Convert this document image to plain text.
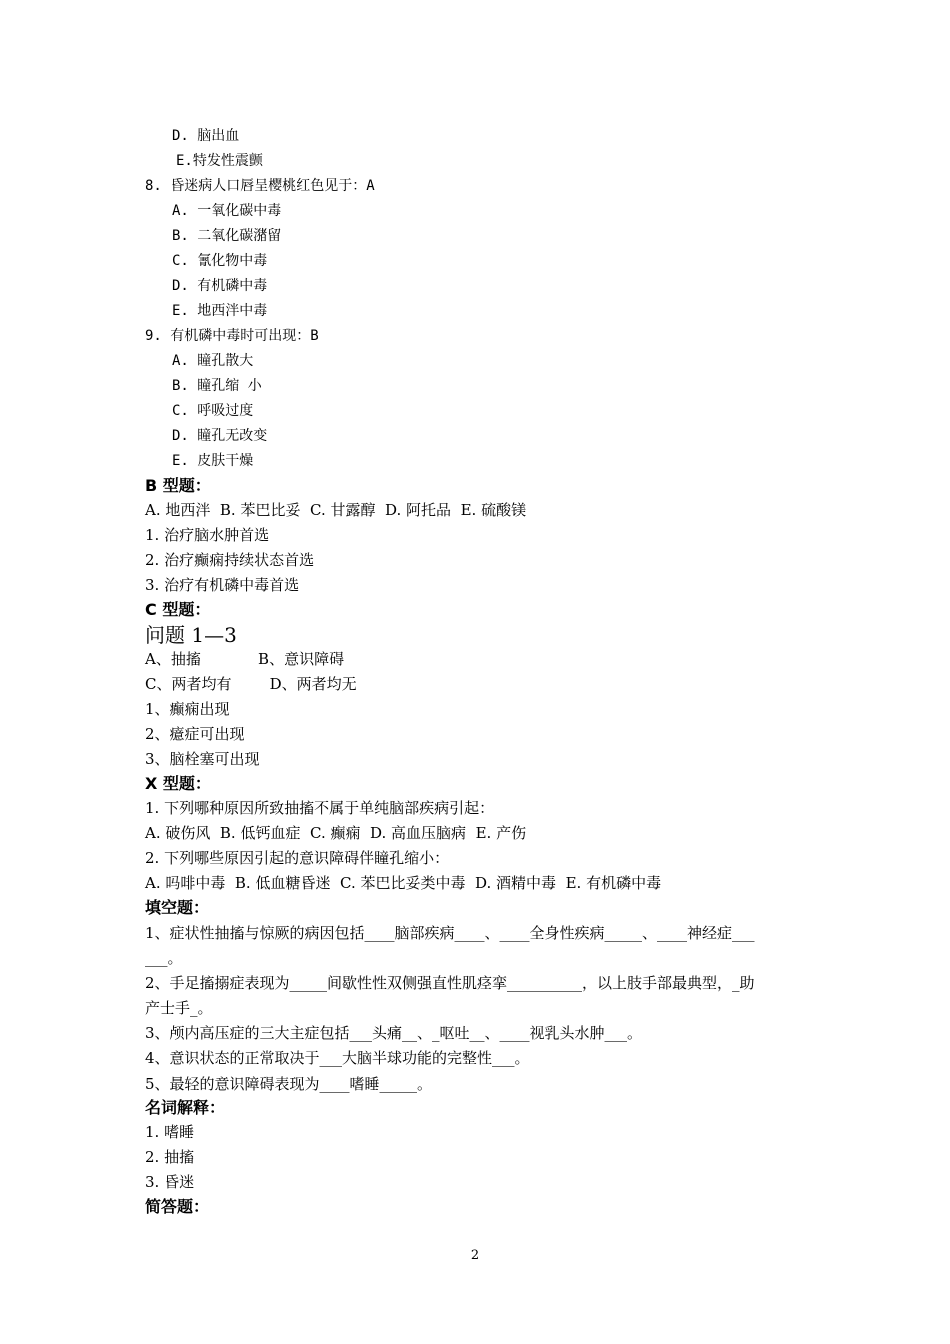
D. 脑出血
E.特发性震颤
8. 昏迷病人口唇呈樱桃红色见于：A
A. 一氧化碳中毒
B. 二氧化碳潴留
C. 氰化物中毒
D. 有机磷中毒
E. 地西泮中毒
9. 有机磷中毒时可出现：B
A. 瞳孔散大
B. 瞳孔缩 小
C. 呼吸过度
D. 瞳孔无改变
E. 皮肤干燥
B 型题：
A. 地西泮  B. 苯巴比妥  C. 甘露醇  D. 阿托品  E. 硫酸镁
1. 治疗脑水肿首选
2. 治疗癫痫持续状态首选
3. 治疗有机磷中毒首选
C 型题：
问题 1—3
A、抽搐            B、意识障碍
C、两者均有        D、两者均无
1、癫痫出现
2、癔症可出现
3、脑栓塞可出现
X 型题：
1. 下列哪种原因所致抽搐不属于单纯脑部疾病引起：
A. 破伤风  B. 低钙血症  C. 癫痫  D. 高血压脑病  E. 产伤
2. 下列哪些原因引起的意识障碍伴瞳孔缩小：
A. 吗啡中毒  B. 低血糖昏迷  C. 苯巴比妥类中毒  D. 酒精中毒  E. 有机磷中毒
填空题：
1、症状性抽搐与惊厥的病因包括____脑部疾病____、____全身性疾病_____、____神经症___
___。
2、手足搐搦症表现为_____间歇性性双侧强直性肌痉挛__________，以上肢手部最典型，_助
产士手_。
3、颅内高压症的三大主症包括___头痛__、_呕吐__、____视乳头水肿___。
4、意识状态的正常取决于___大脑半球功能的完整性___。
5、最轻的意识障碍表现为____嗜睡_____。
名词解释：
1. 嗜睡
2. 抽搐
3. 昏迷
简答题：
2
